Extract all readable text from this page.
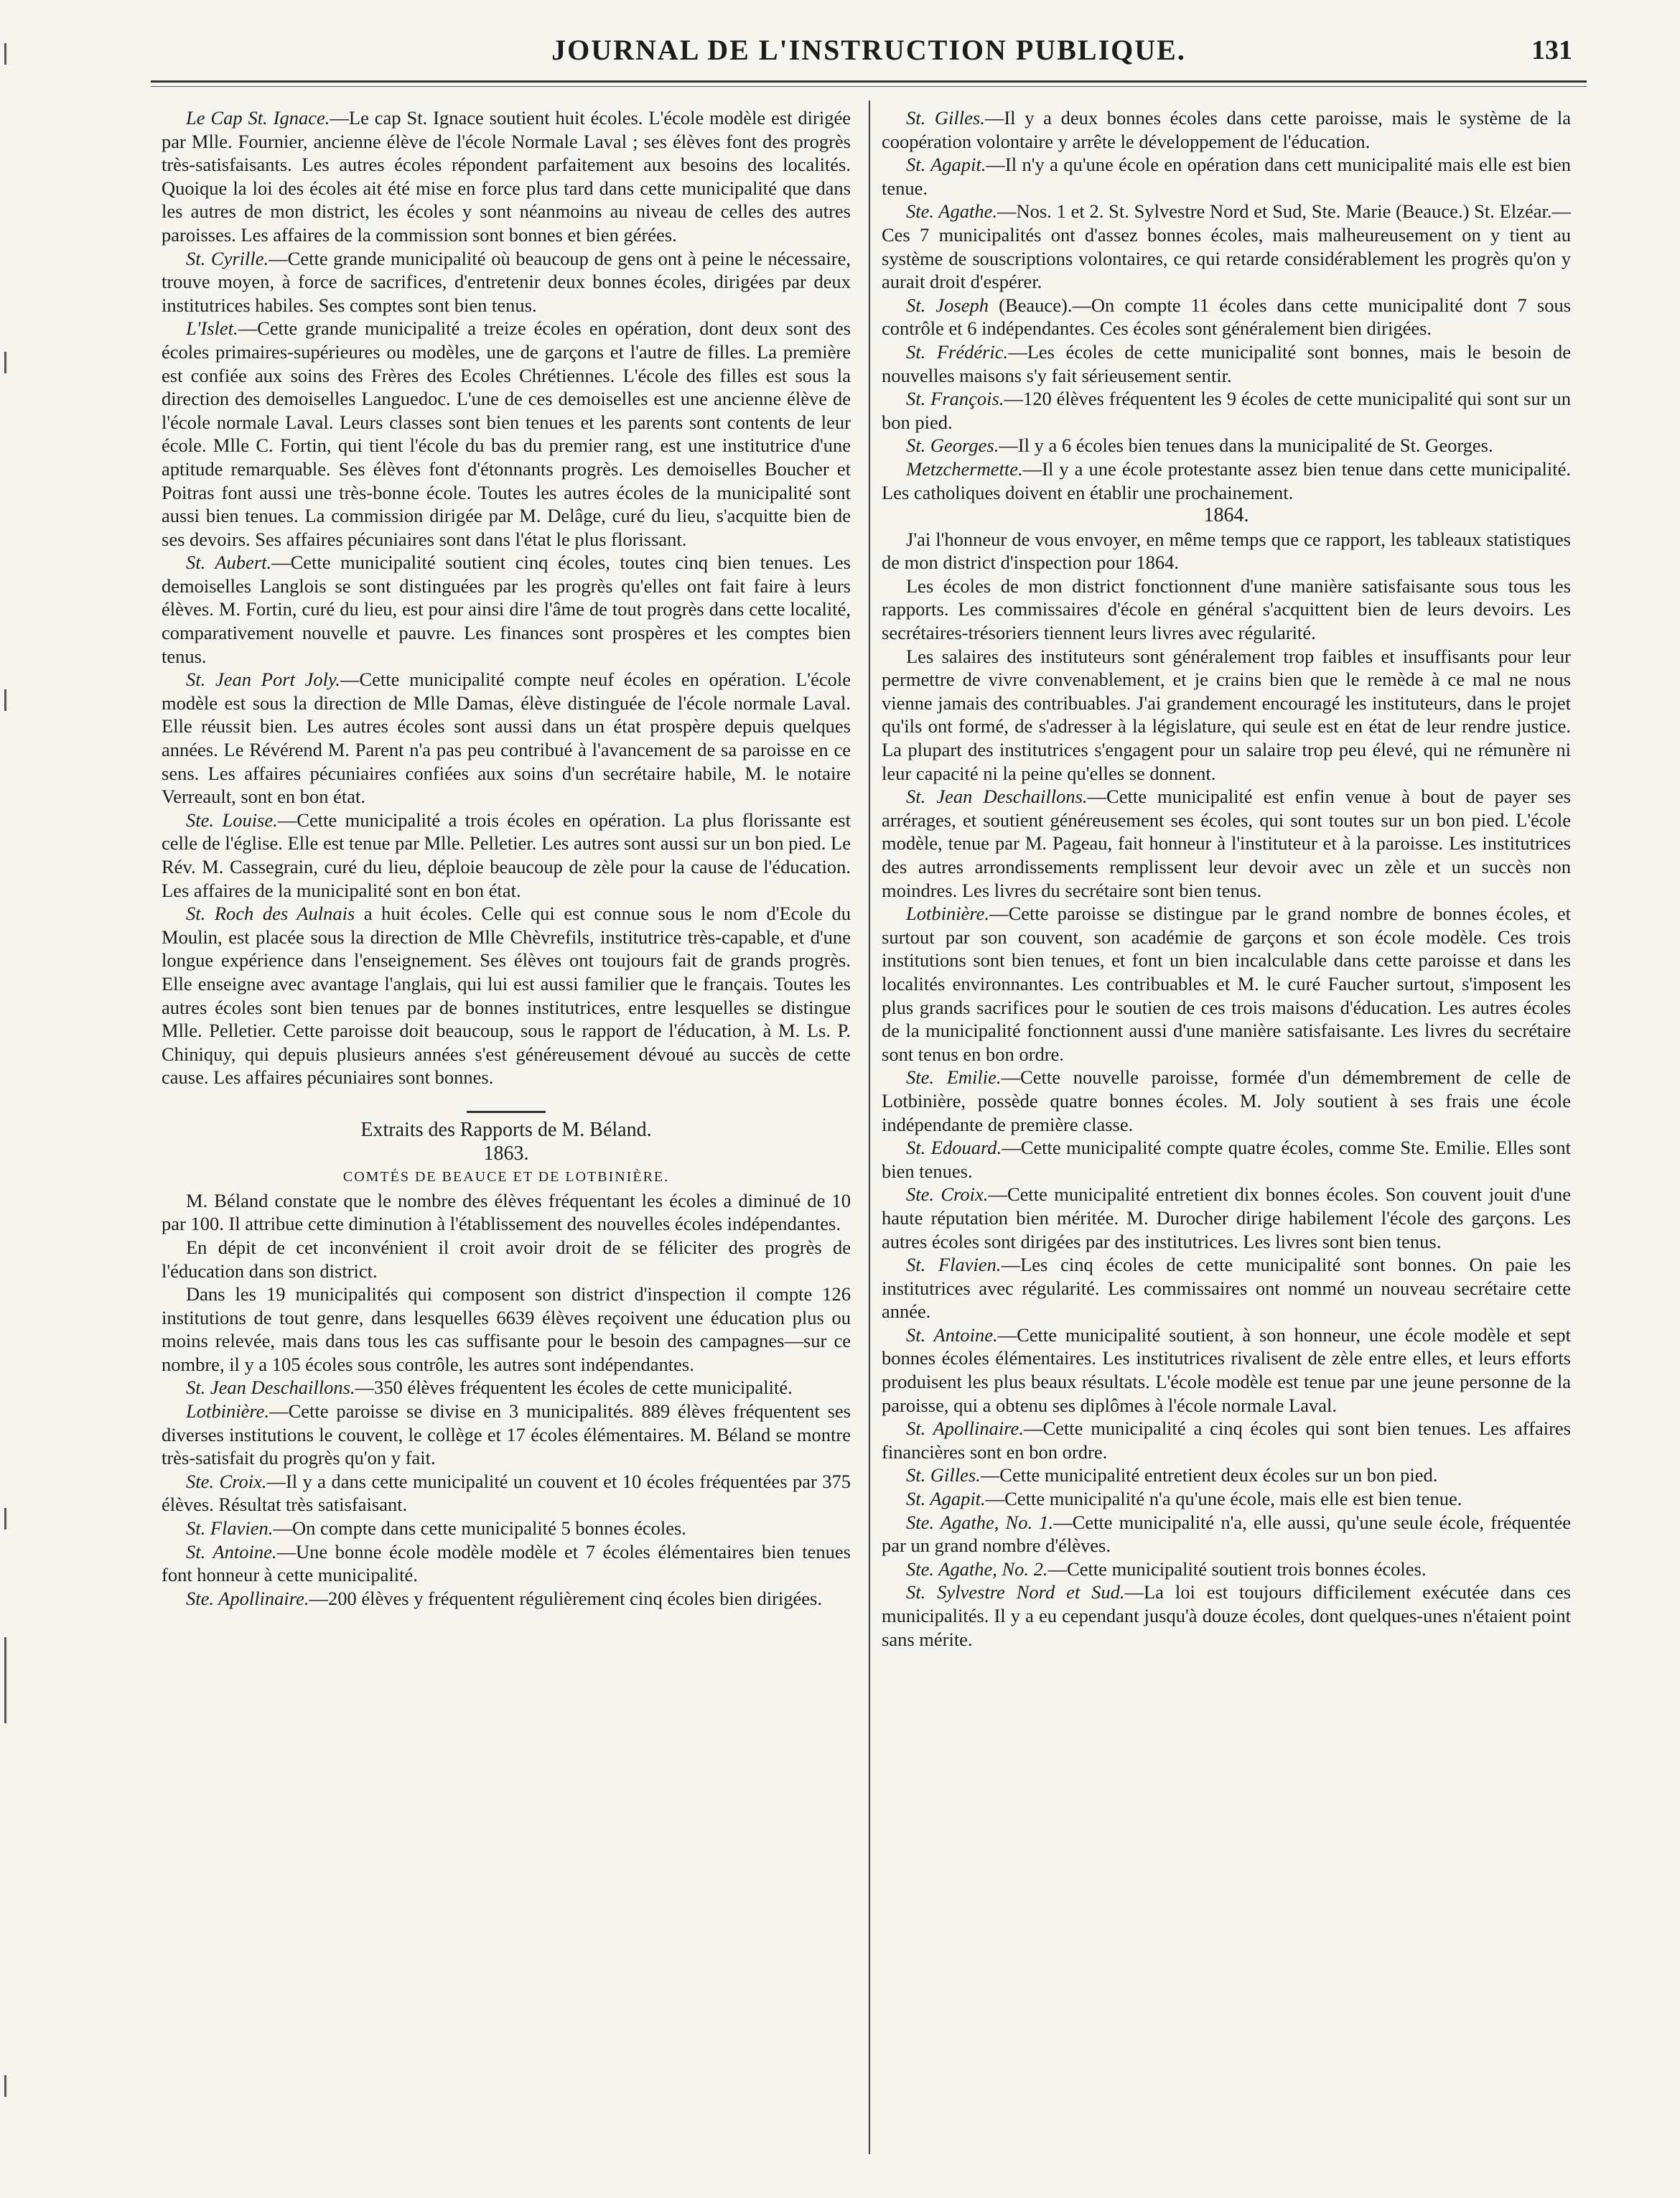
JOURNAL DE L'INSTRUCTION PUBLIQUE.	131

Le Cap St. Ignace.—Le cap St. Ignace soutient huit écoles. L'école modèle est dirigée par Mlle. Fournier, ancienne élève de l'école Normale Laval ; ses élèves font des progrès très-satisfaisants. Les autres écoles répondent parfaitement aux besoins des localités. Quoique la loi des écoles ait été mise en force plus tard dans cette municipalité que dans les autres de mon district, les écoles y sont néanmoins au niveau de celles des autres paroisses. Les affaires de la commission sont bonnes et bien gérées.

St. Cyrille.—Cette grande municipalité où beaucoup de gens ont à peine le nécessaire, trouve moyen, à force de sacrifices, d'entretenir deux bonnes écoles, dirigées par deux institutrices habiles. Ses comptes sont bien tenus.

L'Islet.—Cette grande municipalité a treize écoles en opération, dont deux sont des écoles primaires-supérieures ou modèles, une de garçons et l'autre de filles. La première est confiée aux soins des Frères des Ecoles Chrétiennes. L'école des filles est sous la direction des demoiselles Languedoc. L'une de ces demoiselles est une ancienne élève de l'école normale Laval. Leurs classes sont bien tenues et les parents sont contents de leur école. Mlle C. Fortin, qui tient l'école du bas du premier rang, est une institutrice d'une aptitude remarquable. Ses élèves font d'étonnants progrès. Les demoiselles Boucher et Poitras font aussi une très-bonne école. Toutes les autres écoles de la municipalité sont aussi bien tenues. La commission dirigée par M. Delâge, curé du lieu, s'acquitte bien de ses devoirs. Ses affaires pécuniaires sont dans l'état le plus florissant.

St. Aubert.—Cette municipalité soutient cinq écoles, toutes cinq bien tenues. Les demoiselles Langlois se sont distinguées par les progrès qu'elles ont fait faire à leurs élèves. M. Fortin, curé du lieu, est pour ainsi dire l'âme de tout progrès dans cette localité, comparativement nouvelle et pauvre. Les finances sont prospères et les comptes bien tenus.

St. Jean Port Joly.—Cette municipalité compte neuf écoles en opération. L'école modèle est sous la direction de Mlle Damas, élève distinguée de l'école normale Laval. Elle réussit bien. Les autres écoles sont aussi dans un état prospère depuis quelques années. Le Révérend M. Parent n'a pas peu contribué à l'avancement de sa paroisse en ce sens. Les affaires pécuniaires confiées aux soins d'un secrétaire habile, M. le notaire Verreault, sont en bon état.

Ste. Louise.—Cette municipalité a trois écoles en opération. La plus florissante est celle de l'église. Elle est tenue par Mlle. Pelletier. Les autres sont aussi sur un bon pied. Le Rév. M. Cassegrain, curé du lieu, déploie beaucoup de zèle pour la cause de l'éducation. Les affaires de la municipalité sont en bon état.

St. Roch des Aulnais a huit écoles. Celle qui est connue sous le nom d'Ecole du Moulin, est placée sous la direction de Mlle Chèvrefils, institutrice très-capable, et d'une longue expérience dans l'enseignement. Ses élèves ont toujours fait de grands progrès. Elle enseigne avec avantage l'anglais, qui lui est aussi familier que le français. Toutes les autres écoles sont bien tenues par de bonnes institutrices, entre lesquelles se distingue Mlle. Pelletier. Cette paroisse doit beaucoup, sous le rapport de l'éducation, à M. Ls. P. Chiniquy, qui depuis plusieurs années s'est généreusement dévoué au succès de cette cause. Les affaires pécuniaires sont bonnes.

Extraits des Rapports de M. Béland.

1863.

COMTÉS DE BEAUCE ET DE LOTBINIÈRE.

M. Béland constate que le nombre des élèves fréquentant les écoles a diminué de 10 par 100. Il attribue cette diminution à l'établissement des nouvelles écoles indépendantes.

En dépit de cet inconvénient il croit avoir droit de se féliciter des progrès de l'éducation dans son district.

Dans les 19 municipalités qui composent son district d'inspection il compte 126 institutions de tout genre, dans lesquelles 6639 élèves reçoivent une éducation plus ou moins relevée, mais dans tous les cas suffisante pour le besoin des campagnes—sur ce nombre, il y a 105 écoles sous contrôle, les autres sont indépendantes.

St. Jean Deschaillons.—350 élèves fréquentent les écoles de cette municipalité.

Lotbinière.—Cette paroisse se divise en 3 municipalités. 889 élèves fréquentent ses diverses institutions le couvent, le collège et 17 écoles élémentaires. M. Béland se montre très-satisfait du progrès qu'on y fait.

Ste. Croix.—Il y a dans cette municipalité un couvent et 10 écoles fréquentées par 375 élèves. Résultat très satisfaisant.

St. Flavien.—On compte dans cette municipalité 5 bonnes écoles.

St. Antoine.—Une bonne école modèle modèle et 7 écoles élémentaires bien tenues font honneur à cette municipalité.

Ste. Apollinaire.—200 élèves y fréquentent régulièrement cinq écoles bien dirigées.

St. Gilles.—Il y a deux bonnes écoles dans cette paroisse, mais le système de la coopération volontaire y arrête le développement de l'éducation.

St. Agapit.—Il n'y a qu'une école en opération dans cett municipalité mais elle est bien tenue.

Ste. Agathe.—Nos. 1 et 2. St. Sylvestre Nord et Sud, Ste. Marie (Beauce.) St. Elzéar.—Ces 7 municipalités ont d'assez bonnes écoles, mais malheureusement on y tient au système de souscriptions volontaires, ce qui retarde considérablement les progrès qu'on y aurait droit d'espérer.

St. Joseph (Beauce).—On compte 11 écoles dans cette municipalité dont 7 sous contrôle et 6 indépendantes. Ces écoles sont généralement bien dirigées.

St. Frédéric.—Les écoles de cette municipalité sont bonnes, mais le besoin de nouvelles maisons s'y fait sérieusement sentir.

St. François.—120 élèves fréquentent les 9 écoles de cette municipalité qui sont sur un bon pied.

St. Georges.—Il y a 6 écoles bien tenues dans la municipalité de St. Georges.

Metzchermette.—Il y a une école protestante assez bien tenue dans cette municipalité. Les catholiques doivent en établir une prochainement.

1864.

J'ai l'honneur de vous envoyer, en même temps que ce rapport, les tableaux statistiques de mon district d'inspection pour 1864.

Les écoles de mon district fonctionnent d'une manière satisfaisante sous tous les rapports. Les commissaires d'école en général s'acquittent bien de leurs devoirs. Les secrétaires-trésoriers tiennent leurs livres avec régularité.

Les salaires des instituteurs sont généralement trop faibles et insuffisants pour leur permettre de vivre convenablement, et je crains bien que le remède à ce mal ne nous vienne jamais des contribuables. J'ai grandement encouragé les instituteurs, dans le projet qu'ils ont formé, de s'adresser à la législature, qui seule est en état de leur rendre justice. La plupart des institutrices s'engagent pour un salaire trop peu élevé, qui ne rémunère ni leur capacité ni la peine qu'elles se donnent.

St. Jean Deschaillons.—Cette municipalité est enfin venue à bout de payer ses arrérages, et soutient généreusement ses écoles, qui sont toutes sur un bon pied. L'école modèle, tenue par M. Pageau, fait honneur à l'instituteur et à la paroisse. Les institutrices des autres arrondissements remplissent leur devoir avec un zèle et un succès non moindres. Les livres du secrétaire sont bien tenus.

Lotbinière.—Cette paroisse se distingue par le grand nombre de bonnes écoles, et surtout par son couvent, son académie de garçons et son école modèle. Ces trois institutions sont bien tenues, et font un bien incalculable dans cette paroisse et dans les localités environnantes. Les contribuables et M. le curé Faucher surtout, s'imposent les plus grands sacrifices pour le soutien de ces trois maisons d'éducation. Les autres écoles de la municipalité fonctionnent aussi d'une manière satisfaisante. Les livres du secrétaire sont tenus en bon ordre.

Ste. Emilie.—Cette nouvelle paroisse, formée d'un démembrement de celle de Lotbinière, possède quatre bonnes écoles. M. Joly soutient à ses frais une école indépendante de première classe.

St. Edouard.—Cette municipalité compte quatre écoles, comme Ste. Emilie. Elles sont bien tenues.

Ste. Croix.—Cette municipalité entretient dix bonnes écoles. Son couvent jouit d'une haute réputation bien méritée. M. Durocher dirige habilement l'école des garçons. Les autres écoles sont dirigées par des institutrices. Les livres sont bien tenus.

St. Flavien.—Les cinq écoles de cette municipalité sont bonnes. On paie les institutrices avec régularité. Les commissaires ont nommé un nouveau secrétaire cette année.

St. Antoine.—Cette municipalité soutient, à son honneur, une école modèle et sept bonnes écoles élémentaires. Les institutrices rivalisent de zèle entre elles, et leurs efforts produisent les plus beaux résultats. L'école modèle est tenue par une jeune personne de la paroisse, qui a obtenu ses diplômes à l'école normale Laval.

St. Apollinaire.—Cette municipalité a cinq écoles qui sont bien tenues. Les affaires financières sont en bon ordre.

St. Gilles.—Cette municipalité entretient deux écoles sur un bon pied.

St. Agapit.—Cette municipalité n'a qu'une école, mais elle est bien tenue.

Ste. Agathe, No. 1.—Cette municipalité n'a, elle aussi, qu'une seule école, fréquentée par un grand nombre d'élèves.

Ste. Agathe, No. 2.—Cette municipalité soutient trois bonnes écoles.

St. Sylvestre Nord et Sud.—La loi est toujours difficilement exécutée dans ces municipalités. Il y a eu cependant jusqu'à douze écoles, dont quelques-unes n'étaient point sans mérite.
